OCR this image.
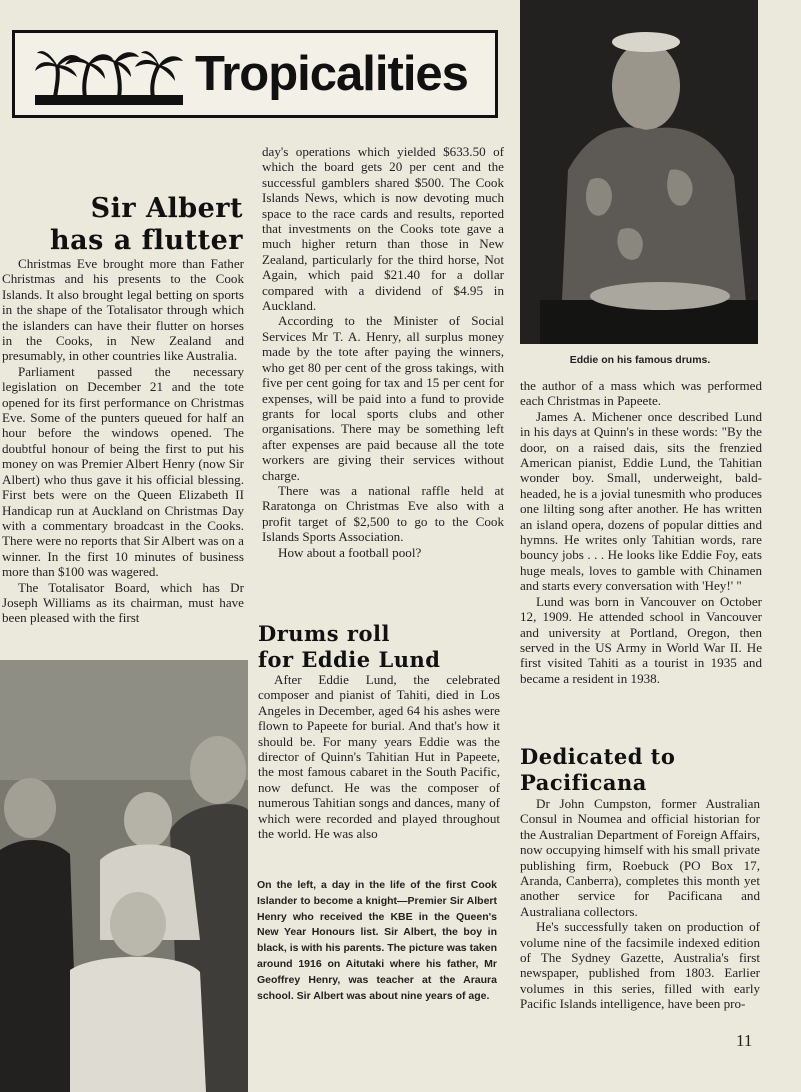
Tropicalities
Sir Albert
has a flutter

Christmas Eve brought more than Father Christmas and his presents to the Cook Islands. It also brought legal betting on sports in the shape of the Totalisator through which the islanders can have their flutter on horses in the Cooks, in New Zealand and presumably, in other countries like Australia.

Parliament passed the necessary legislation on December 21 and the tote opened for its first performance on Christmas Eve. Some of the punters queued for half an hour before the windows opened. The doubtful honour of being the first to put his money on was Premier Albert Henry (now Sir Albert) who thus gave it his official blessing. First bets were on the Queen Elizabeth II Handicap run at Auckland on Christmas Day with a commentary broadcast in the Cooks. There were no reports that Sir Albert was on a winner. In the first 10 minutes of business more than $100 was wagered.

The Totalisator Board, which has Dr Joseph Williams as its chairman, must have been pleased with the first

day's operations which yielded $633.50 of which the board gets 20 per cent and the successful gamblers shared $500. The Cook Islands News, which is now devoting much space to the race cards and results, reported that investments on the Cooks tote gave a much higher return than those in New Zealand, particularly for the third horse, Not Again, which paid $21.40 for a dollar compared with a dividend of $4.95 in Auckland.

According to the Minister of Social Services Mr T. A. Henry, all surplus money made by the tote after paying the winners, who get 80 per cent of the gross takings, with five per cent going for tax and 15 per cent for expenses, will be paid into a fund to provide grants for local sports clubs and other organisations. There may be something left after expenses are paid because all the tote workers are giving their services without charge.

There was a national raffle held at Raratonga on Christmas Eve also with a profit target of $2,500 to go to the Cook Islands Sports Association.

How about a football pool?

Drums roll
for Eddie Lund

After Eddie Lund, the celebrated composer and pianist of Tahiti, died in Los Angeles in December, aged 64 his ashes were flown to Papeete for burial. And that's how it should be. For many years Eddie was the director of Quinn's Tahitian Hut in Papeete, the most famous cabaret in the South Pacific, now defunct. He was the composer of numerous Tahitian songs and dances, many of which were recorded and played throughout the world. He was also

On the left, a day in the life of the first Cook Islander to become a knight—Premier Sir Albert Henry who received the KBE in the Queen's New Year Honours list. Sir Albert, the boy in black, is with his parents. The picture was taken around 1916 on Aitutaki where his father, Mr Geoffrey Henry, was teacher at the Araura school. Sir Albert was about nine years of age.
Eddie on his famous drums.

the author of a mass which was performed each Christmas in Papeete.

James A. Michener once described Lund in his days at Quinn's in these words: "By the door, on a raised dais, sits the frenzied American pianist, Eddie Lund, the Tahitian wonder boy. Small, underweight, bald-headed, he is a jovial tunesmith who produces one lilting song after another. He has written an island opera, dozens of popular ditties and hymns. He writes only Tahitian words, rare bouncy jobs . . . He looks like Eddie Foy, eats huge meals, loves to gamble with Chinamen and starts every conversation with 'Hey!' "

Lund was born in Vancouver on October 12, 1909. He attended school in Vancouver and university at Portland, Oregon, then served in the US Army in World War II. He first visited Tahiti as a tourist in 1935 and became a resident in 1938.

Dedicated to
Pacificana

Dr John Cumpston, former Australian Consul in Noumea and official historian for the Australian Department of Foreign Affairs, now occupying himself with his small private publishing firm, Roebuck (PO Box 17, Aranda, Canberra), completes this month yet another service for Pacificana and Australiana collectors.

He's successfully taken on production of volume nine of the facsimile indexed edition of The Sydney Gazette, Australia's first newspaper, published from 1803. Earlier volumes in this series, filled with early Pacific Islands intelligence, have been pro-

11
